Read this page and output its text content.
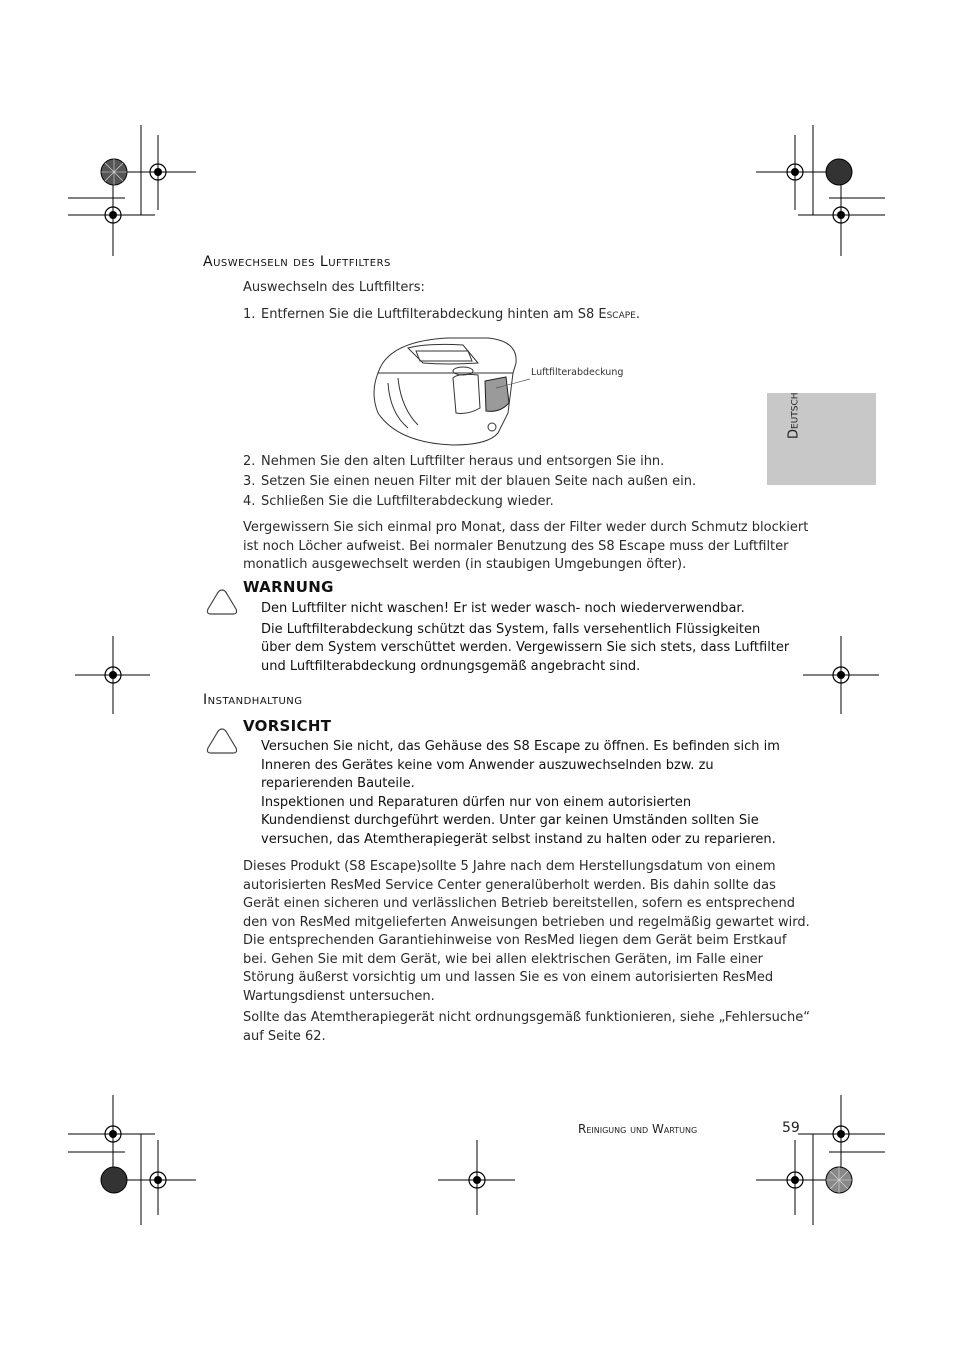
Deutsch
Auswechseln des Luftfilters
Auswechseln des Luftfilters:
1. Entfernen Sie die Luftfilterabdeckung hinten am S8 Escape.
Luftfilterabdeckung
2. Nehmen Sie den alten Luftfilter heraus und entsorgen Sie ihn.
3. Setzen Sie einen neuen Filter mit der blauen Seite nach außen ein.
4. Schließen Sie die Luftfilterabdeckung wieder.
Vergewissern Sie sich einmal pro Monat, dass der Filter weder durch Schmutz blockiert
ist noch Löcher aufweist. Bei normaler Benutzung des S8 Escape muss der Luftfilter
monatlich ausgewechselt werden (in staubigen Umgebungen öfter).
WARNUNG
Den Luftfilter nicht waschen! Er ist weder wasch- noch wiederverwendbar.
Die Luftfilterabdeckung schützt das System, falls versehentlich Flüssigkeiten
über dem System verschüttet werden. Vergewissern Sie sich stets, dass Luftfilter
und Luftfilterabdeckung ordnungsgemäß angebracht sind.
Instandhaltung
VORSICHT
Versuchen Sie nicht, das Gehäuse des S8 Escape zu öffnen. Es befinden sich im
Inneren des Gerätes keine vom Anwender auszuwechselnden bzw. zu
reparierenden Bauteile.
Inspektionen und Reparaturen dürfen nur von einem autorisierten
Kundendienst durchgeführt werden. Unter gar keinen Umständen sollten Sie
versuchen, das Atemtherapiegerät selbst instand zu halten oder zu reparieren.
Dieses Produkt (S8 Escape)sollte 5 Jahre nach dem Herstellungsdatum von einem
autorisierten ResMed Service Center generalüberholt werden. Bis dahin sollte das
Gerät einen sicheren und verlässlichen Betrieb bereitstellen, sofern es entsprechend
den von ResMed mitgelieferten Anweisungen betrieben und regelmäßig gewartet wird.
Die entsprechenden Garantiehinweise von ResMed liegen dem Gerät beim Erstkauf
bei. Gehen Sie mit dem Gerät, wie bei allen elektrischen Geräten, im Falle einer
Störung äußerst vorsichtig um und lassen Sie es von einem autorisierten ResMed
Wartungsdienst untersuchen.
Sollte das Atemtherapiegerät nicht ordnungsgemäß funktionieren, siehe „Fehlersuche“
auf Seite 62.
Reinigung und Wartung	59
